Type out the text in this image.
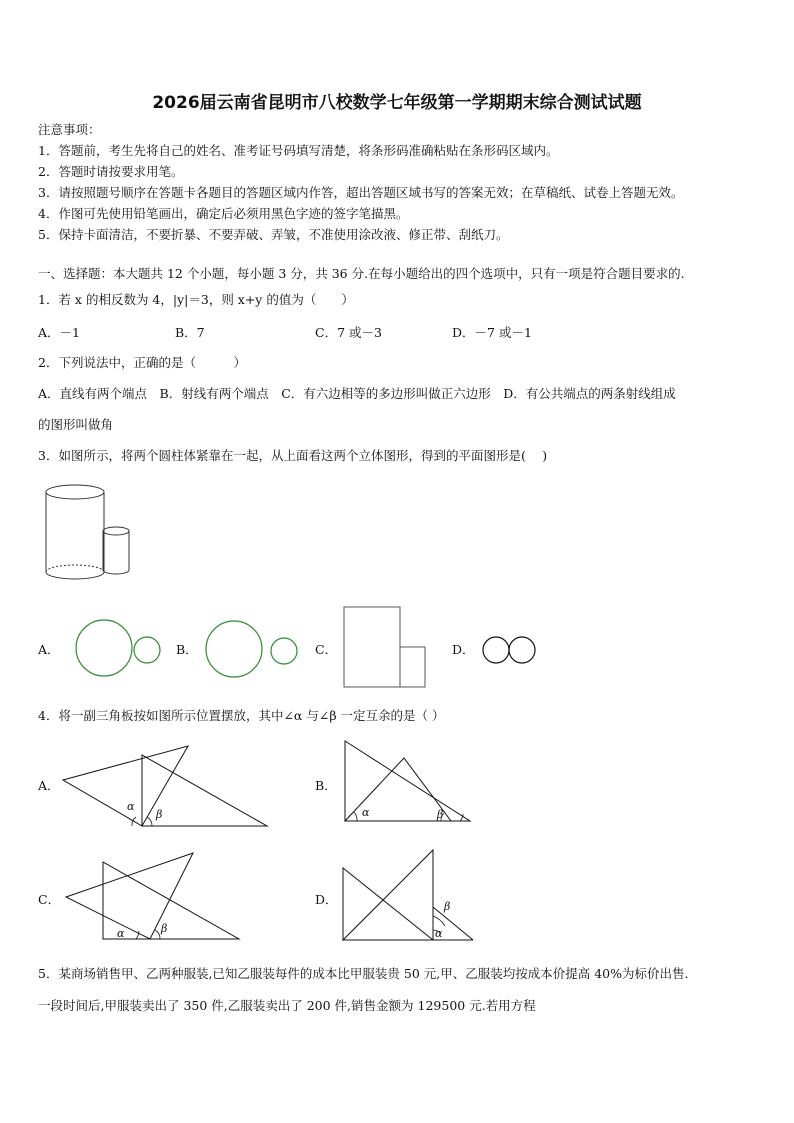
2026届云南省昆明市八校数学七年级第一学期期末综合测试试题
注意事项：
1．答题前，考生先将自己的姓名、准考证号码填写清楚，将条形码准确粘贴在条形码区域内。
2．答题时请按要求用笔。
3．请按照题号顺序在答题卡各题目的答题区域内作答，超出答题区域书写的答案无效；在草稿纸、试卷上答题无效。
4．作图可先使用铅笔画出，确定后必须用黑色字迹的签字笔描黑。
5．保持卡面清洁，不要折暴、不要弄破、弄皱，不准使用涂改液、修正带、刮纸刀。
一、选择题：本大题共 12 个小题，每小题 3 分，共 36 分.在每小题给出的四个选项中，只有一项是符合题目要求的.
1．若 x 的相反数为 4，|y|＝3，则 x+y 的值为（　　）
A．－1	B．7	C．7 或－3	D．－7 或－1
2．下列说法中，正确的是（　　　）
A．直线有两个端点　B．射线有两个端点　C．有六边相等的多边形叫做正六边形　D．有公共端点的两条射线组成
的图形叫做角
3．如图所示，将两个圆柱体紧靠在一起，从上面看这两个立体图形，得到的平面图形是(　 )
A．	B．	C．	D．
4．将一副三角板按如图所示位置摆放，其中∠α 与∠β 一定互余的是（ ）
A．
α
β
B．
α	β
C．
α	β
D．	β
α
5．某商场销售甲、乙两种服装,已知乙服装每件的成本比甲服装贵 50 元,甲、乙服装均按成本价提高 40%为标价出售.
一段时间后,甲服装卖出了 350 件,乙服装卖出了 200 件,销售金额为 129500 元.若用方程
